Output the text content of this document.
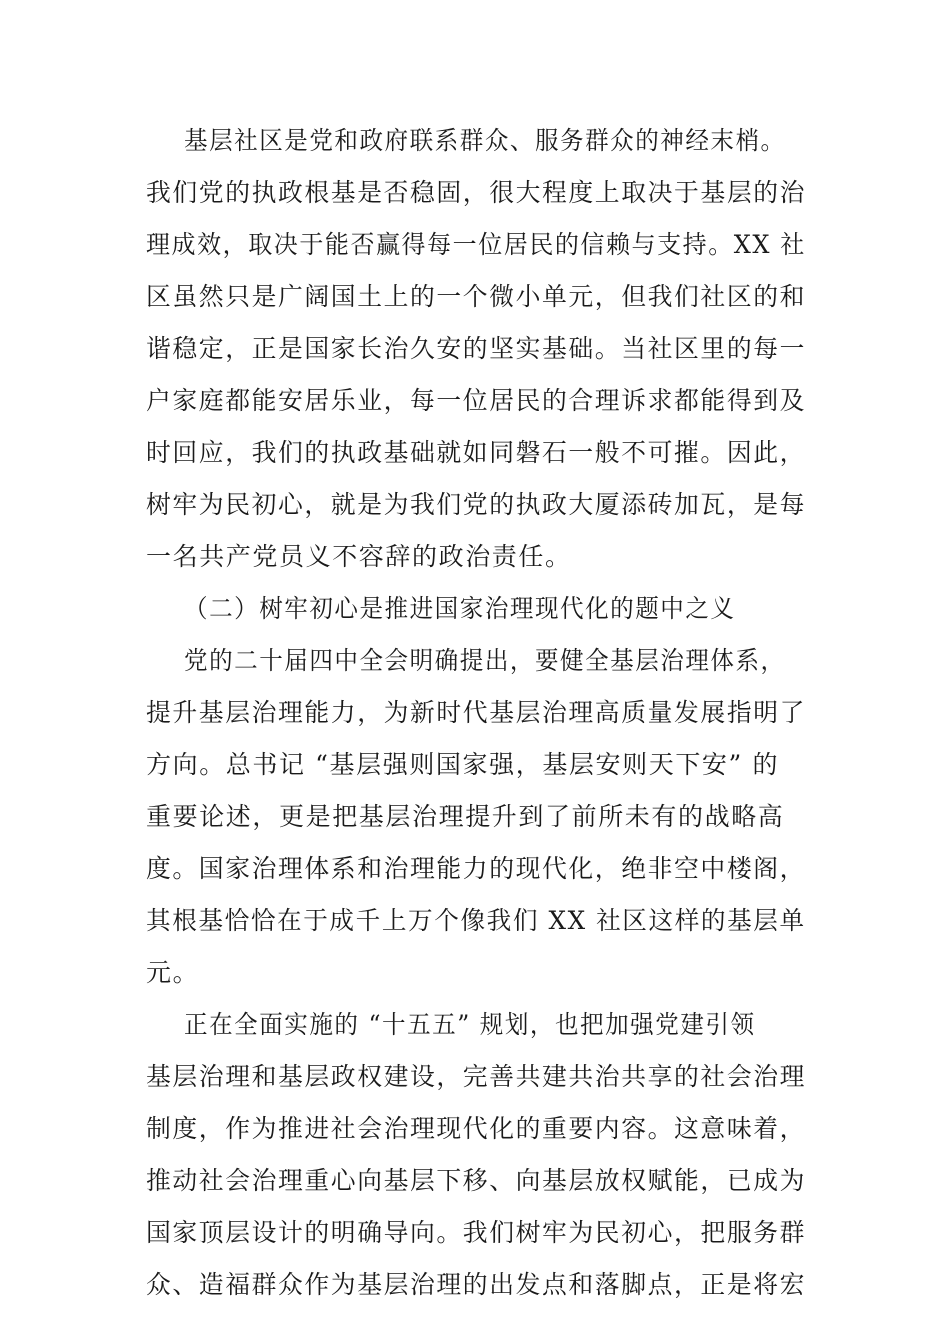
基层社区是党和政府联系群众、服务群众的神经末梢。
我们党的执政根基是否稳固，很大程度上取决于基层的治
理成效，取决于能否赢得每一位居民的信赖与支持。XX 社
区虽然只是广阔国土上的一个微小单元，但我们社区的和
谐稳定，正是国家长治久安的坚实基础。当社区里的每一
户家庭都能安居乐业，每一位居民的合理诉求都能得到及
时回应，我们的执政基础就如同磐石一般不可摧。因此，
树牢为民初心，就是为我们党的执政大厦添砖加瓦，是每
一名共产党员义不容辞的政治责任。
（二）树牢初心是推进国家治理现代化的题中之义
党的二十届四中全会明确提出，要健全基层治理体系，
提升基层治理能力，为新时代基层治理高质量发展指明了
方向。总书记 “基层强则国家强，基层安则天下安” 的
重要论述，更是把基层治理提升到了前所未有的战略高
度。国家治理体系和治理能力的现代化，绝非空中楼阁，
其根基恰恰在于成千上万个像我们 XX 社区这样的基层单
元。
正在全面实施的 “十五五” 规划，也把加强党建引领
基层治理和基层政权建设，完善共建共治共享的社会治理
制度，作为推进社会治理现代化的重要内容。这意味着，
推动社会治理重心向基层下移、向基层放权赋能，已成为
国家顶层设计的明确导向。我们树牢为民初心，把服务群
众、造福群众作为基层治理的出发点和落脚点，正是将宏
